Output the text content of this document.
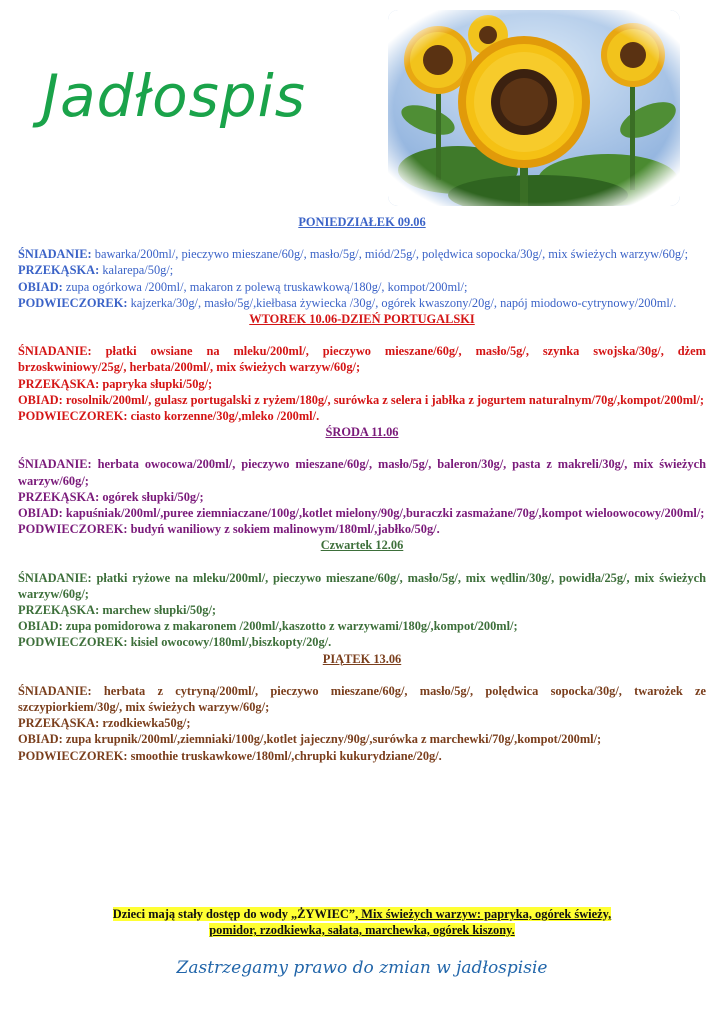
Jadłospis

PONIEDZIAŁEK 09.06

ŚNIADANIE: bawarka/200ml/, pieczywo mieszane/60g/, masło/5g/, miód/25g/, polędwica sopocka/30g/, mix świeżych warzyw/60g/;

PRZEKĄSKA: kalarepa/50g/;

OBIAD: zupa ogórkowa /200ml/, makaron z polewą truskawkową/180g/, kompot/200ml/;

PODWIECZOREK: kajzerka/30g/, masło/5g/,kiełbasa żywiecka /30g/, ogórek kwaszony/20g/, napój miodowo-cytrynowy/200ml/.

WTOREK 10.06-DZIEŃ PORTUGALSKI

ŚNIADANIE: płatki owsiane na mleku/200ml/, pieczywo mieszane/60g/, masło/5g/, szynka swojska/30g/, dżem brzoskwiniowy/25g/, herbata/200ml/, mix świeżych warzyw/60g/;

PRZEKĄSKA: papryka słupki/50g/;

OBIAD: rosolnik/200ml/, gulasz portugalski z ryżem/180g/, surówka z selera i jabłka z jogurtem naturalnym/70g/,kompot/200ml/;

PODWIECZOREK: ciasto korzenne/30g/,mleko /200ml/.

ŚRODA 11.06

ŚNIADANIE: herbata owocowa/200ml/, pieczywo mieszane/60g/, masło/5g/, baleron/30g/, pasta z makreli/30g/, mix świeżych warzyw/60g/;

PRZEKĄSKA: ogórek słupki/50g/;

OBIAD: kapuśniak/200ml/,puree ziemniaczane/100g/,kotlet mielony/90g/,buraczki zasmażane/70g/,kompot wieloowocowy/200ml/;

PODWIECZOREK: budyń waniliowy z sokiem malinowym/180ml/,jabłko/50g/.

Czwartek 12.06

ŚNIADANIE: płatki ryżowe na mleku/200ml/, pieczywo mieszane/60g/, masło/5g/, mix wędlin/30g/, powidła/25g/, mix świeżych warzyw/60g/;

PRZEKĄSKA: marchew słupki/50g/;

OBIAD: zupa pomidorowa z makaronem /200ml/,kaszotto z warzywami/180g/,kompot/200ml/;

PODWIECZOREK: kisiel owocowy/180ml/,biszkopty/20g/.

PIĄTEK 13.06

ŚNIADANIE: herbata z cytryną/200ml/, pieczywo mieszane/60g/, masło/5g/, polędwica sopocka/30g/, twarożek ze szczypiorkiem/30g/, mix świeżych warzyw/60g/;

PRZEKĄSKA: rzodkiewka50g/;

OBIAD: zupa krupnik/200ml/,ziemniaki/100g/,kotlet jajeczny/90g/,surówka z marchewki/70g/,kompot/200ml/;

PODWIECZOREK: smoothie truskawkowe/180ml/,chrupki kukurydziane/20g/.

Dzieci mają stały dostęp do wody „ŻYWIEC”, Mix świeżych warzyw: papryka, ogórek świeży,
pomidor, rzodkiewka, sałata, marchewka, ogórek kiszony.
Zastrzegamy prawo do zmian w jadłospisie
